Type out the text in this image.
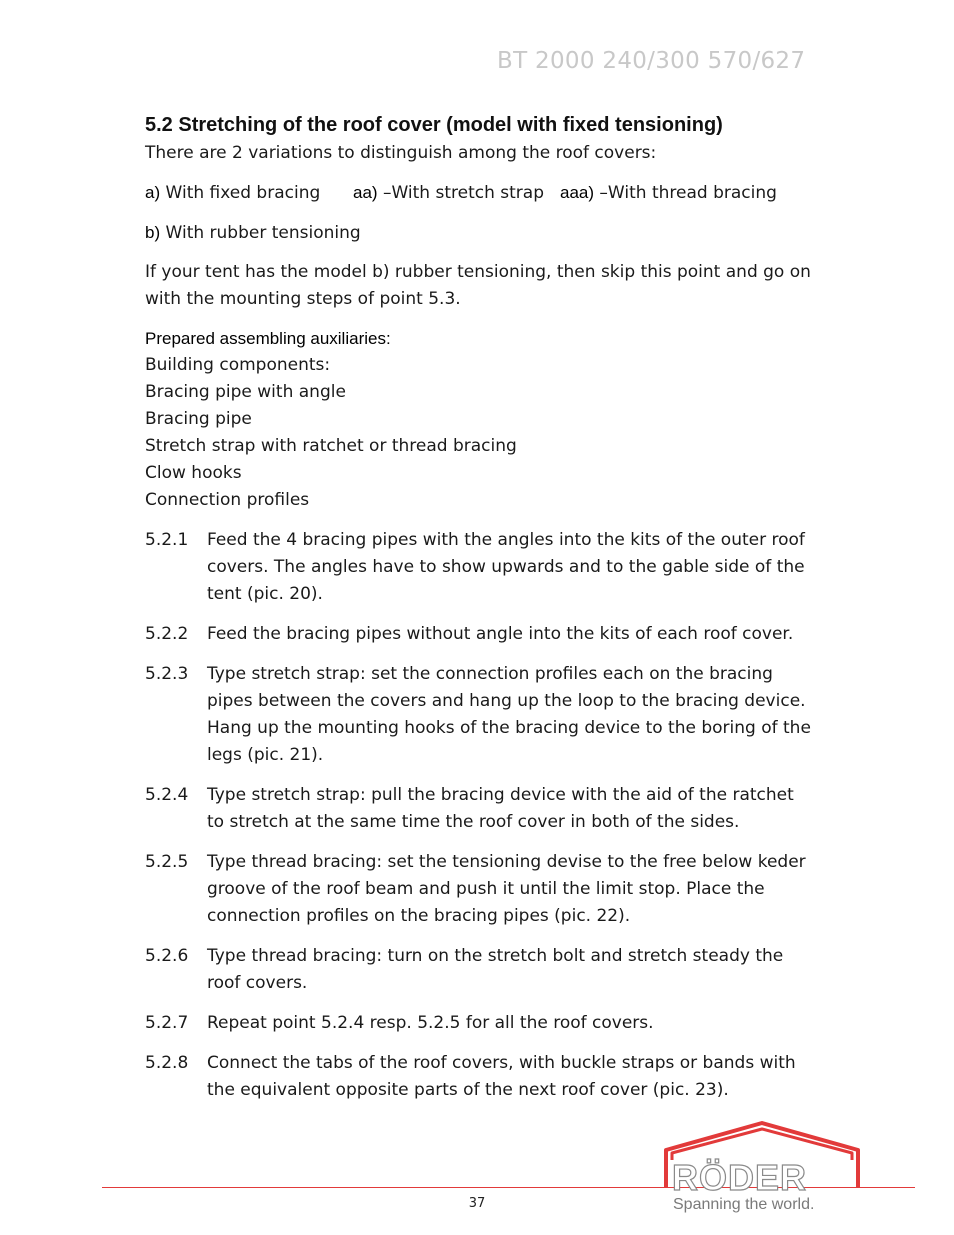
BT 2000 240/300 570/627
5.2 Stretching of the roof cover (model with fixed tensioning)

There are 2 variations to distinguish among the roof covers:

a) With fixed bracing	aa) –With stretch strap aaa) –With thread bracing

b) With rubber tensioning

If your tent has the model b) rubber tensioning, then skip this point and go on with the mounting steps of point 5.3.

Prepared assembling auxiliaries:

Building components:
Bracing pipe with angle
Bracing pipe
Stretch strap with ratchet or thread bracing
Clow hooks
Connection profiles
5.2.1	Feed the 4 bracing pipes with the angles into the kits of the outer roof covers. The angles have to show upwards and to the gable side of the tent (pic. 20).
5.2.2	Feed the bracing pipes without angle into the kits of each roof cover.
5.2.3	Type stretch strap: set the connection profiles each on the bracing pipes between the covers and hang up the loop to the bracing device. Hang up the mounting hooks of the bracing device to the boring of the legs (pic. 21).
5.2.4	Type stretch strap: pull the bracing device with the aid of the ratchet to stretch at the same time the roof cover in both of the sides.
5.2.5	Type thread bracing: set the tensioning devise to the free below keder groove of the roof beam and push it until the limit stop. Place the connection profiles on the bracing pipes (pic. 22).
5.2.6	Type thread bracing: turn on the stretch bolt and stretch steady the roof covers.
5.2.7	Repeat point 5.2.4 resp. 5.2.5 for all the roof covers.
5.2.8	Connect the tabs of the roof covers, with buckle straps or bands with the equivalent opposite parts of the next roof cover (pic. 23).
37
RÖDER
Spanning the world.
